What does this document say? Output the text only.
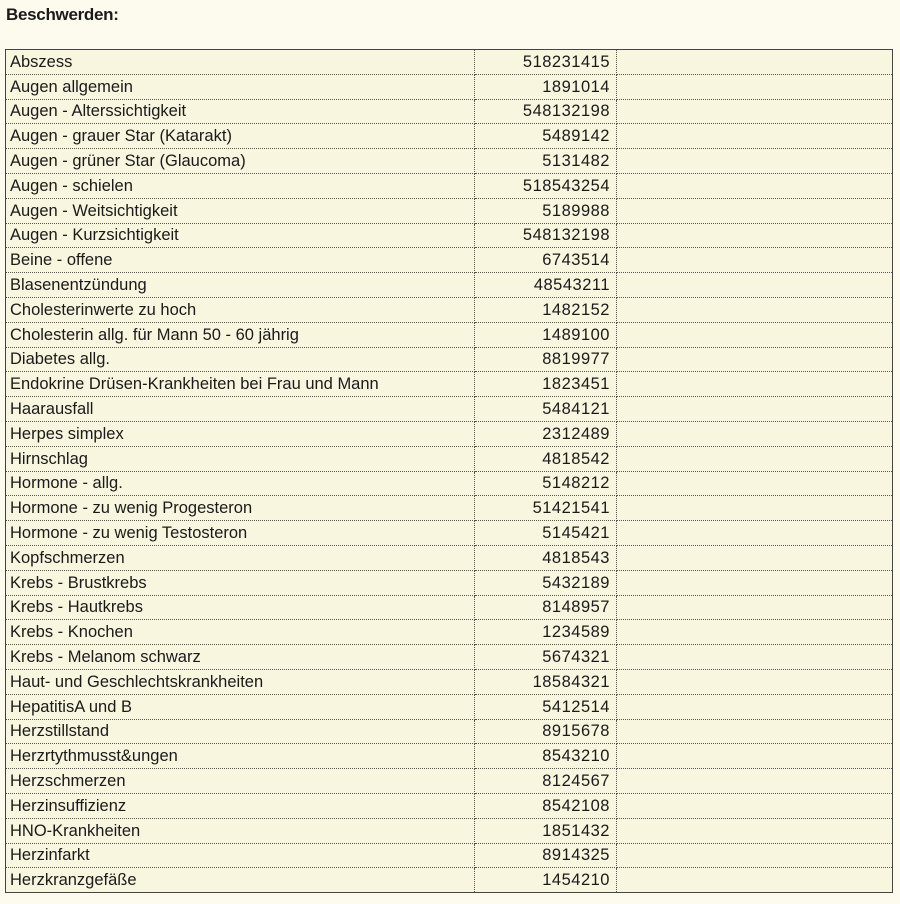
Beschwerden:
Abszess	518231415	
Augen allgemein	1891014	
Augen - Alterssichtigkeit	548132198	
Augen - grauer Star (Katarakt)	5489142	
Augen - grüner Star (Glaucoma)	5131482	
Augen - schielen	518543254	
Augen - Weitsichtigkeit	5189988	
Augen - Kurzsichtigkeit	548132198	
Beine - offene	6743514	
Blasenentzündung	48543211	
Cholesterinwerte zu hoch	1482152	
Cholesterin allg. für Mann 50 - 60 jährig	1489100	
Diabetes allg.	8819977	
Endokrine Drüsen-Krankheiten bei Frau und Mann	1823451	
Haarausfall	5484121	
Herpes simplex	2312489	
Hirnschlag	4818542	
Hormone - allg.	5148212	
Hormone - zu wenig Progesteron	51421541	
Hormone - zu wenig Testosteron	5145421	
Kopfschmerzen	4818543	
Krebs - Brustkrebs	5432189	
Krebs - Hautkrebs	8148957	
Krebs - Knochen	1234589	
Krebs - Melanom schwarz	5674321	
Haut- und Geschlechtskrankheiten	18584321	
HepatitisA und B	5412514	
Herzstillstand	8915678	
Herzrtythmusst&ungen	8543210	
Herzschmerzen	8124567	
Herzinsuffizienz	8542108	
HNO-Krankheiten	1851432	
Herzinfarkt	8914325	
Herzkranzgefäße	1454210	
